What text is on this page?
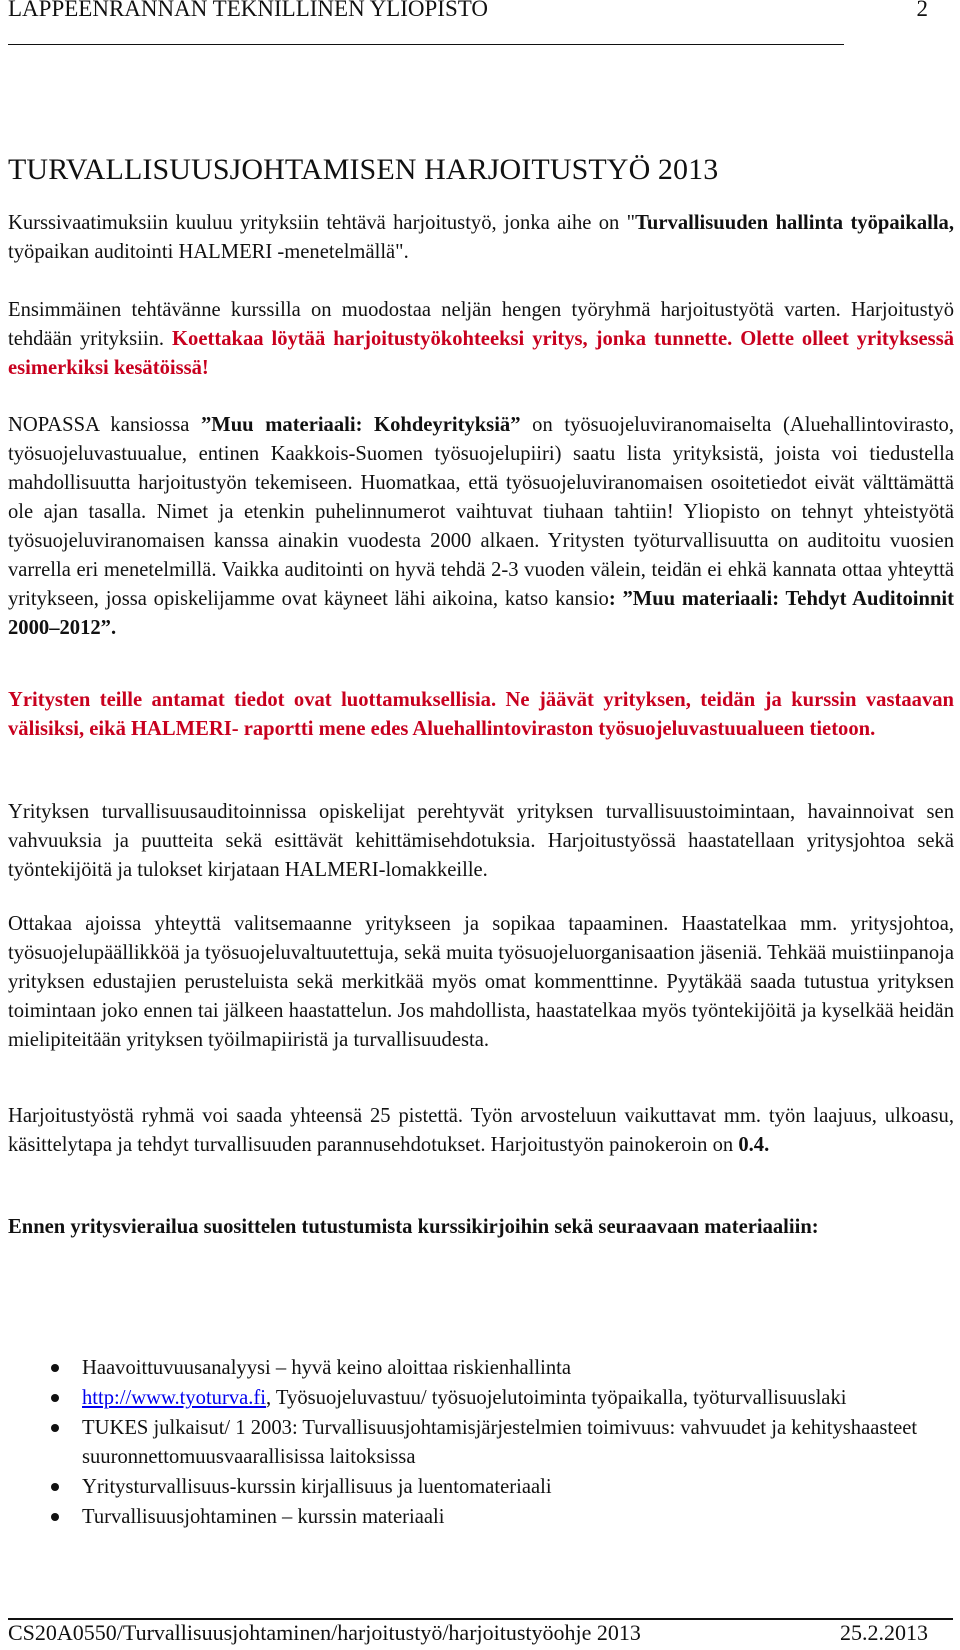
LAPPEENRANNAN TEKNILLINEN YLIOPISTO	2
TURVALLISUUSJOHTAMISEN HARJOITUSTYÖ 2013

Kurssivaatimuksiin kuuluu yrityksiin tehtävä harjoitustyö, jonka aihe on "Turvallisuuden hallinta työpaikalla, työpaikan auditointi HALMERI -menetelmällä".

Ensimmäinen tehtävänne kurssilla on muodostaa neljän hengen työryhmä harjoitustyötä varten. Harjoitustyö tehdään yrityksiin. Koettakaa löytää harjoitustyökohteeksi yritys, jonka tunnette. Olette olleet yrityksessä esimerkiksi kesätöissä!

NOPASSA kansiossa ”Muu materiaali: Kohdeyrityksiä” on työsuojeluviranomaiselta (Aluehallintovirasto, työsuojeluvastuualue, entinen Kaakkois-Suomen työsuojelupiiri) saatu lista yrityksistä, joista voi tiedustella mahdollisuutta harjoitustyön tekemiseen. Huomatkaa, että työsuojeluviranomaisen osoitetiedot eivät välttämättä ole ajan tasalla. Nimet ja etenkin puhelinnumerot vaihtuvat tiuhaan tahtiin! Yliopisto on tehnyt yhteistyötä työsuojeluviranomaisen kanssa ainakin vuodesta 2000 alkaen. Yritysten työturvallisuutta on auditoitu vuosien varrella eri menetelmillä. Vaikka auditointi on hyvä tehdä 2-3 vuoden välein, teidän ei ehkä kannata ottaa yhteyttä yritykseen, jossa opiskelijamme ovat käyneet lähi aikoina, katso kansio: ”Muu materiaali: Tehdyt Auditoinnit 2000–2012”.

Yritysten teille antamat tiedot ovat luottamuksellisia. Ne jäävät yrityksen, teidän ja kurssin vastaavan välisiksi, eikä HALMERI- raportti mene edes Aluehallintoviraston työsuojeluvastuualueen tietoon.

Yrityksen turvallisuusauditoinnissa opiskelijat perehtyvät yrityksen turvallisuustoimintaan, havainnoivat sen vahvuuksia ja puutteita sekä esittävät kehittämisehdotuksia. Harjoitustyössä haastatellaan yritysjohtoa sekä työntekijöitä ja tulokset kirjataan HALMERI-lomakkeille.

Ottakaa ajoissa yhteyttä valitsemaanne yritykseen ja sopikaa tapaaminen. Haastatelkaa mm. yritysjohtoa, työsuojelupäällikköä ja työsuojeluvaltuutettuja, sekä muita työsuojeluorganisaation jäseniä. Tehkää muistiinpanoja yrityksen edustajien perusteluista sekä merkitkää myös omat kommenttinne. Pyytäkää saada tutustua yrityksen toimintaan joko ennen tai jälkeen haastattelun. Jos mahdollista, haastatelkaa myös työntekijöitä ja kyselkää heidän mielipiteitään yrityksen työilmapiiristä ja turvallisuudesta.

Harjoitustyöstä ryhmä voi saada yhteensä 25 pistettä. Työn arvosteluun vaikuttavat mm. työn laajuus, ulkoasu, käsittelytapa ja tehdyt turvallisuuden parannusehdotukset. Harjoitustyön painokeroin on 0.4.

Ennen yritysvierailua suosittelen tutustumista kurssikirjoihin sekä seuraavaan materiaaliin:

Haavoittuvuusanalyysi – hyvä keino aloittaa riskienhallinta
http://www.tyoturva.fi, Työsuojeluvastuu/ työsuojelutoiminta työpaikalla, työturvallisuuslaki
TUKES julkaisut/ 1 2003: Turvallisuusjohtamisjärjestelmien toimivuus: vahvuudet ja kehityshaasteet suuronnettomuusvaarallisissa laitoksissa
Yritysturvallisuus-kurssin kirjallisuus ja luentomateriaali
Turvallisuusjohtaminen – kurssin materiaali
CS20A0550/Turvallisuusjohtaminen/harjoitustyö/harjoitustyöohje 2013	25.2.2013
